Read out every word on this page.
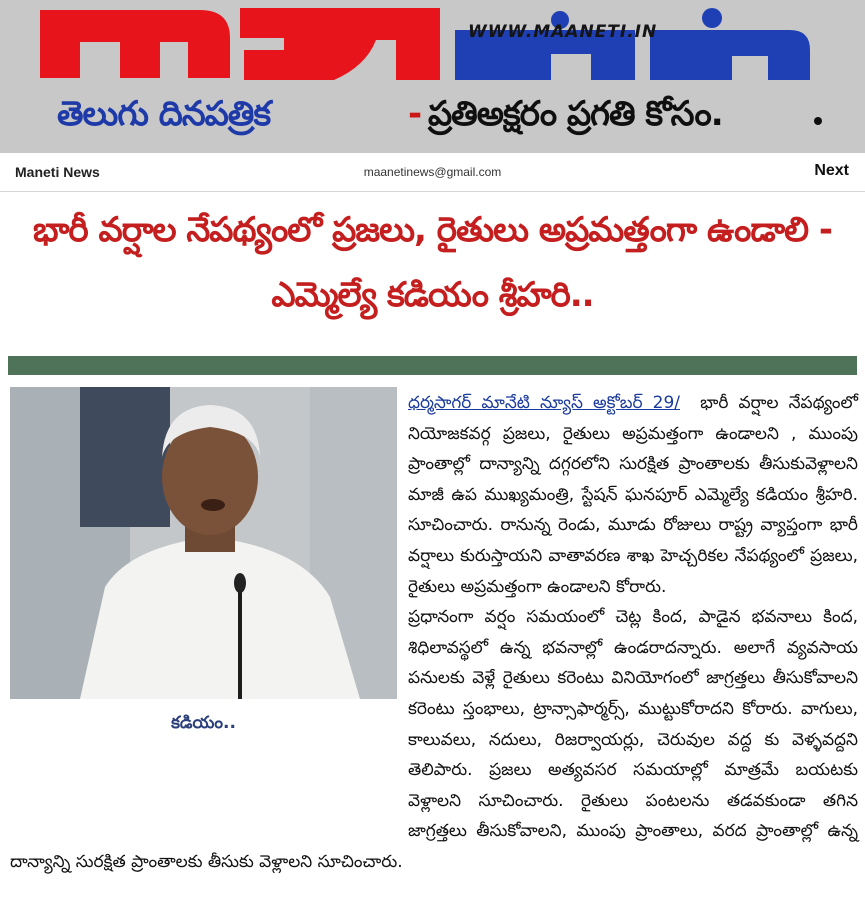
WWW.MAANETI.IN
తెలుగు దినపత్రిక	- ప్రతిఅక్షరం ప్రగతి కోసం.
Maneti News	maanetinews@gmail.com	Next
భారీ వర్షాల నేపథ్యంలో ప్రజలు, రైతులు అప్రమత్తంగా ఉండాలి - ఎమ్మెల్యే కడియం శ్రీహరి..
కడియం..

ధర్మసాగర్ మానేటి న్యూస్ అక్టోబర్ 29/ భారీ వర్షాల నేపథ్యంలో నియోజకవర్గ ప్రజలు, రైతులు అప్రమత్తంగా ఉండాలని , ముంపు ప్రాంతాల్లో దాన్యాన్ని దగ్గరలోని సురక్షిత ప్రాంతాలకు తీసుకువెళ్లాలని మాజీ ఉప ముఖ్యమంత్రి, స్టేషన్ ఘనపూర్ ఎమ్మెల్యే కడియం శ్రీహరి. సూచించారు. రానున్న రెండు, మూడు రోజులు రాష్ట్ర వ్యాప్తంగా భారీ వర్షాలు కురుస్తాయని వాతావరణ శాఖ హెచ్చరికల నేపథ్యంలో ప్రజలు, రైతులు అప్రమత్తంగా ఉండాలని కోరారు.

ప్రధానంగా వర్షం సమయంలో చెట్ల కింద, పాడైన భవనాలు కింద, శిధిలావస్థలో ఉన్న భవనాల్లో ఉండరాదన్నారు. అలాగే వ్యవసాయ పనులకు వెళ్లే రైతులు కరెంటు వినియోగంలో జాగ్రత్తలు తీసుకోవాలని కరెంటు స్తంభాలు, ట్రాన్సాఫార్మర్స్, ముట్టుకోరాదని కోరారు. వాగులు, కాలువలు, నదులు, రిజర్వాయర్లు, చెరువుల వద్ద కు వెళ్ళవద్దని తెలిపారు. ప్రజలు అత్యవసర సమయాల్లో మాత్రమే బయటకు వెళ్లాలని సూచించారు. రైతులు పంటలను తడవకుండా తగిన జాగ్రత్తలు తీసుకోవాలని, ముంపు ప్రాంతాలు, వరద ప్రాంతాల్లో ఉన్న దాన్యాన్ని సురక్షిత ప్రాంతాలకు తీసుకు వెళ్లాలని సూచించారు.
